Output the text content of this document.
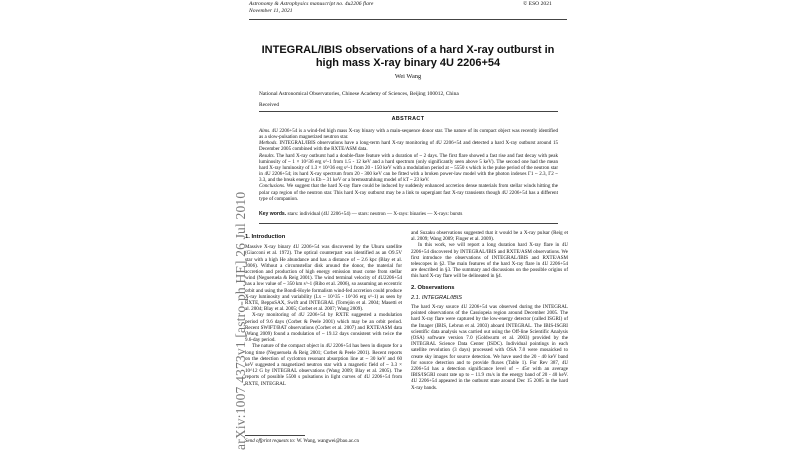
Astronomy & Astrophysics manuscript no. 4u2206 flare
November 11, 2021
© ESO 2021
arXiv:1007.4373v1 [astro-ph.HE] 26 Jul 2010
INTEGRAL/IBIS observations of a hard X-ray outburst in high mass X-ray binary 4U 2206+54
Wei Wang
National Astronomical Observatories, Chinese Academy of Sciences, Beijing 100012, China
Received
ABSTRACT

Aims. 4U 2206+54 is a wind-fed high mass X-ray binary with a main-sequence donor star. The nature of its compact object was recently identified as a slow-pulsation magnetized neutron star.

Methods. INTEGRAL/IBIS observations have a long-term hard X-ray monitoring of 4U 2206+54 and detected a hard X-ray outburst around 15 December 2005 combined with the RXTE/ASM data.

Results. The hard X-ray outburst had a double-flare feature with a duration of ~ 2 days. The first flare showed a fast rise and fast decay with peak luminosity of ~ 1 × 10^36 erg s^-1 from 1.5 - 12 keV and a hard spectrum (only significantly seen above 5 keV). The second one had the mean hard X-ray luminosity of 1.3 × 10^36 erg s^-1 from 20 - 150 keV with a modulation period at ~ 5550 s which is the pulse period of the neutron star in 4U 2206+54; its hard X-ray spectrum from 20 - 300 keV can be fitted with a broken power-law model with the photon indexes Γ1 ~ 2.3, Γ2 ~ 3.3, and the break energy is Eb ~ 31 keV or a bremsstrahlung model of kT ~ 23 keV.

Conclusions. We suggest that the hard X-ray flare could be induced by suddenly enhanced accretion dense materials from stellar winds hitting the polar cap region of the neutron star. This hard X-ray outburst may be a link to supergiant fast X-ray transients though 4U 2206+54 has a different type of companion.

Key words. stars: individual (4U 2206+54) — stars: neutron — X-rays: binaries — X-rays: bursts
1. Introduction

Massive X-ray binary 4U 2206+54 was discovered by the Uhuru satellite (Giacconi et al. 1972). The optical counterpart was identified as an O9.5V star with a high He abundance and has a distance of ~ 2.6 kpc (Blay et al. 2006). Without a circumstellar disk around the donor, the material for accretion and production of high energy emission must come from stellar wind (Negueruela & Reig 2001). The wind terminal velocity of 4U2206+54 has a low value of ~ 350 km s^-1 (Ribo et al. 2006), so assuming an eccentric orbit and using the Bondi-Hoyle formalism wind-fed accretion could produce X-ray luminosity and variability (Lx ~ 10^35 - 10^36 erg s^-1) as seen by RXTE, BeppoSAX, Swift and INTEGRAL (Torrejón et al. 2004; Masetti et al. 2004; Blay et al. 2005; Corbet et al. 2007; Wang 2009).

X-ray monitoring of 4U 2206+54 by RXTE suggested a modulation period of 9.6 days (Corbet & Peele 2001) which may be an orbit period. Recent SWIFT/BAT observations (Corbet et al. 2007) and RXTE/ASM data (Wang 2009) found a modulation of ~ 19.12 days consistent with twice the 9.6-day period.

The nature of the compact object in 4U 2206+54 has been in dispute for a long time (Negueruela & Reig 2001; Corbet & Peele 2001). Recent reports on the detection of cyclotron resonant absorption line at ~ 30 keV and 60 keV suggested a magnetized neutron star with a magnetic field of ~ 3.3 × 10^12 G by INTEGRAL observations (Wang 2009; Blay et al. 2005). The reports of possible 5500 s pulsations in light curves of 4U 2206+54 from RXTE, INTEGRAL

and Suzaku observations suggested that it would be a X-ray pulsar (Reig et al. 2009; Wang 2009; Finger et al. 2009).

In this work, we will report a long duration hard X-ray flare in 4U 2206+54 discovered by INTEGRAL/IBIS and RXTE/ASM observations. We first introduce the observations of INTEGRAL/IBIS and RXTE/ASM telescopes in §2. The main features of the hard X-ray flare in 4U 2206+54 are described in §3. The summary and discussions on the possible origins of this hard X-ray flare will be delineated in §4.

2. Observations
2.1. INTEGRAL/IBIS

The hard X-ray source 4U 2206+54 was observed during the INTEGRAL pointed observations of the Cassiopeia region around December 2005. The hard X-ray flare were captured by the low-energy detector (called ISGRI) of the Imager (IBIS, Lebrun et al. 2003) aboard INTEGRAL. The IBIS-ISGRI scientific data analysis was carried out using the Off-line Scientific Analysis (OSA) software version 7.0 (Goldwurm et al. 2003) provided by the INTEGRAL Science Data Center (ISDC). Individual pointings in each satellite revolution (3 days) processed with OSA 7.0 were mosaicked to create sky images for source detection. We have used the 20 - 40 keV band for source detection and to provide fluxes (Table 1). For Rev 387, 4U 2206+54 has a detection significance level of ~ 45σ with an average IBIS/ISGRI count rate up to ~ 11.9 cts/s in the energy band of 20 - 40 keV. 4U 2206+54 appeared in the outburst state around Dec 15 2005 in the hard X-ray bands.

Send offprint requests to: W. Wang, wangwei@bao.ac.cn
